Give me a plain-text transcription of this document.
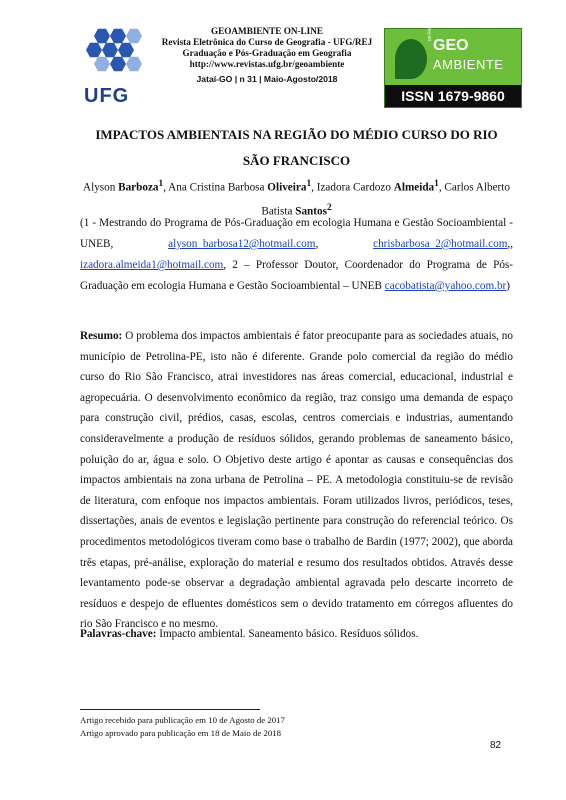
UFG
GEOAMBIENTE ON-LINE
Revista Eletrônica do Curso de Geografia - UFG/REJ
Graduação e Pós-Graduação em Geografia
http://www.revistas.ufg.br/geoambiente
Jataí-GO | n 31 | Maio-Agosto/2018
on-line
GEO
AMBIENTE
ISSN 1679-9860
IMPACTOS AMBIENTAIS NA REGIÃO DO MÉDIO CURSO DO RIO
SÃO FRANCISCO
Alyson Barboza$^1$, Ana Cristina Barbosa Oliveira$^1$, Izadora Cardozo Almeida$^1$, Carlos Alberto Batista Santos$^2$
(1 - Mestrando do Programa de Pós-Graduação em ecologia Humana e Gestão Socioambiental - UNEB, alyson_barbosa12@hotmail.com, chrisbarbosa_2@hotmail.com,, izadora.almeida1@hotmail.com, 2 – Professor Doutor, Coordenador do Programa de Pós-Graduação em ecologia Humana e Gestão Socioambiental – UNEB cacobatista@yahoo.com.br)
Resumo: O problema dos impactos ambientais é fator preocupante para as sociedades atuais, no município de Petrolina-PE, isto não é diferente. Grande polo comercial da região do médio curso do Rio São Francisco, atrai investidores nas áreas comercial, educacional, industrial e agropecuária. O desenvolvimento econômico da região, traz consigo uma demanda de espaço para construção civil, prédios, casas, escolas, centros comerciais e industrias, aumentando consideravelmente a produção de resíduos sólidos, gerando problemas de saneamento básico, poluição do ar, água e solo. O Objetivo deste artigo é apontar as causas e consequências dos impactos ambientais na zona urbana de Petrolina – PE. A metodologia constituiu-se de revisão de literatura, com enfoque nos impactos ambientais. Foram utilizados livros, periódicos, teses, dissertações, anais de eventos e legislação pertinente para construção do referencial teórico. Os procedimentos metodológicos tiveram como base o trabalho de Bardin (1977; 2002), que aborda três etapas, pré-análise, exploração do material e resumo dos resultados obtidos. Através desse levantamento pode-se observar a degradação ambiental agravada pelo descarte incorreto de resíduos e despejo de efluentes domésticos sem o devido tratamento em córregos afluentes do rio São Francisco e no mesmo.
Palavras-chave: Impacto ambiental. Saneamento básico. Resíduos sólidos.
Artigo recebido para publicação em 10 de Agosto de 2017
Artigo aprovado para publicação em 18 de Maio de 2018
82
